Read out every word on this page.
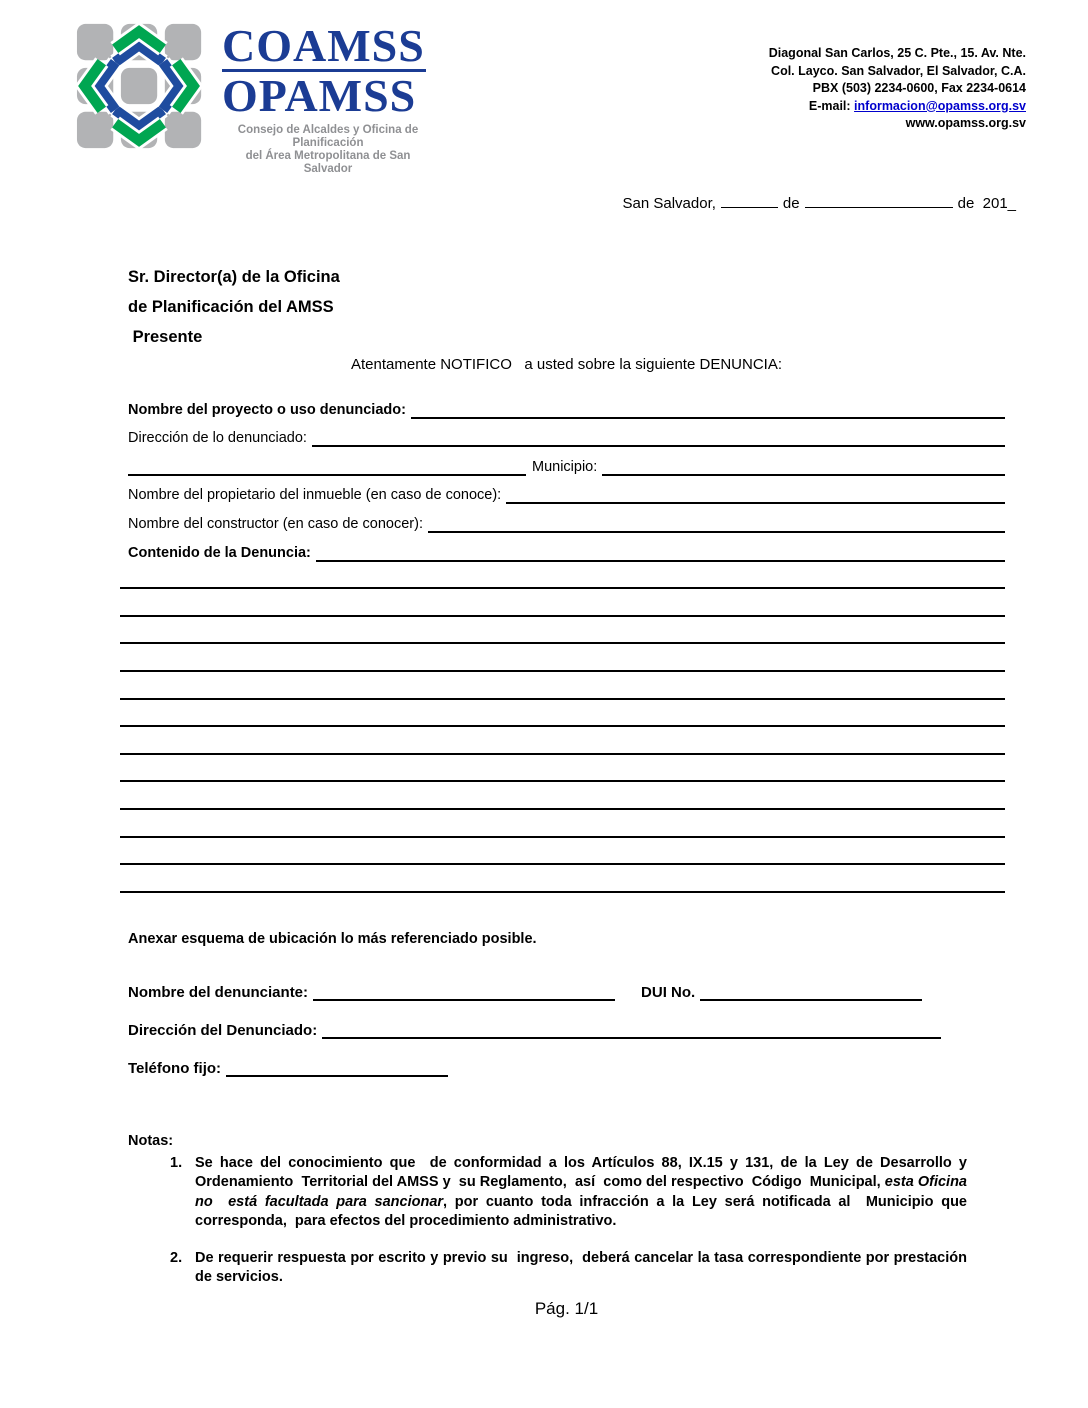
COAMSS
OPAMSS
Consejo de Alcaldes y Oficina de Planificación
del Área Metropolitana de San Salvador
Diagonal San Carlos, 25 C. Pte., 15. Av. Nte.
Col. Layco. San Salvador, El Salvador, C.A.
PBX (503) 2234-0600, Fax 2234-0614
E-mail: informacion@opamss.org.sv
www.opamss.org.sv
San Salvador,	de	de  201_
Sr. Director(a) de la Oficina
de Planificación del AMSS
Presente
Atentamente NOTIFICO   a usted sobre la siguiente DENUNCIA:
Nombre del proyecto o uso denunciado:
Dirección de lo denunciado:
Municipio:
Nombre del propietario del inmueble (en caso de conoce):
Nombre del constructor (en caso de conocer):
Contenido de la Denuncia:
Anexar esquema de ubicación lo más referenciado posible.
Nombre del denunciante:	DUI No.
Dirección del Denunciado:
Teléfono fijo:
Notas:
1. Se hace del conocimiento que  de conformidad a los Artículos 88, IX.15 y 131, de la Ley de Desarrollo y  Ordenamiento  Territorial del AMSS y  su Reglamento,  así  como del respectivo  Código  Municipal, esta Oficina  no  está facultada para sancionar, por cuanto toda infracción a la Ley será notificada al  Municipio que corresponda,  para efectos del procedimiento administrativo.
2. De requerir respuesta por escrito y previo su  ingreso,  deberá cancelar la tasa correspondiente por prestación de servicios.
Pág. 1/1
